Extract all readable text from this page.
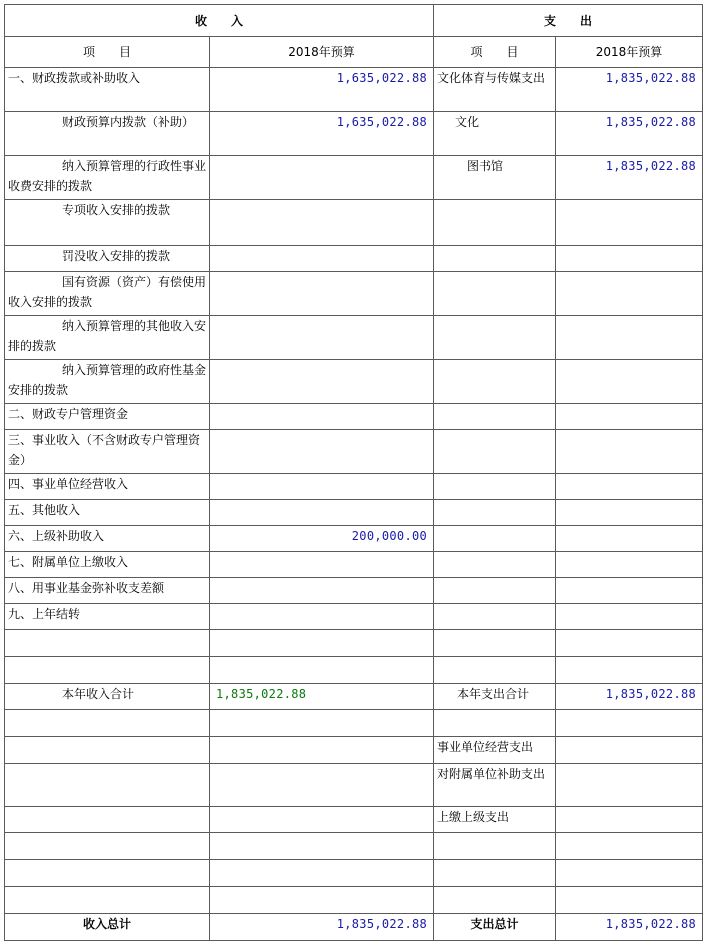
收　　入		支　　出	
项　　目	2018年预算	项　　目	2018年预算
一、财政拨款或补助收入	1,635,022.88	文化体育与传媒支出	1,835,022.88
财政预算内拨款（补助）	1,635,022.88	文化	1,835,022.88
纳入预算管理的行政性事业收费安排的拨款		图书馆	1,835,022.88
专项收入安排的拨款			
罚没收入安排的拨款			
国有资源（资产）有偿使用收入安排的拨款			
纳入预算管理的其他收入安排的拨款			
纳入预算管理的政府性基金安排的拨款			
二、财政专户管理资金			
三、事业收入（不含财政专户管理资金）			
四、事业单位经营收入			
五、其他收入			
六、上级补助收入	200,000.00		
七、附属单位上缴收入			
八、用事业基金弥补收支差额			
九、上年结转			

本年收入合计	1,835,022.88	本年支出合计	1,835,022.88

		事业单位经营支出	
		对附属单位补助支出	
		上缴上级支出	

收入总计	1,835,022.88	支出总计	1,835,022.88
